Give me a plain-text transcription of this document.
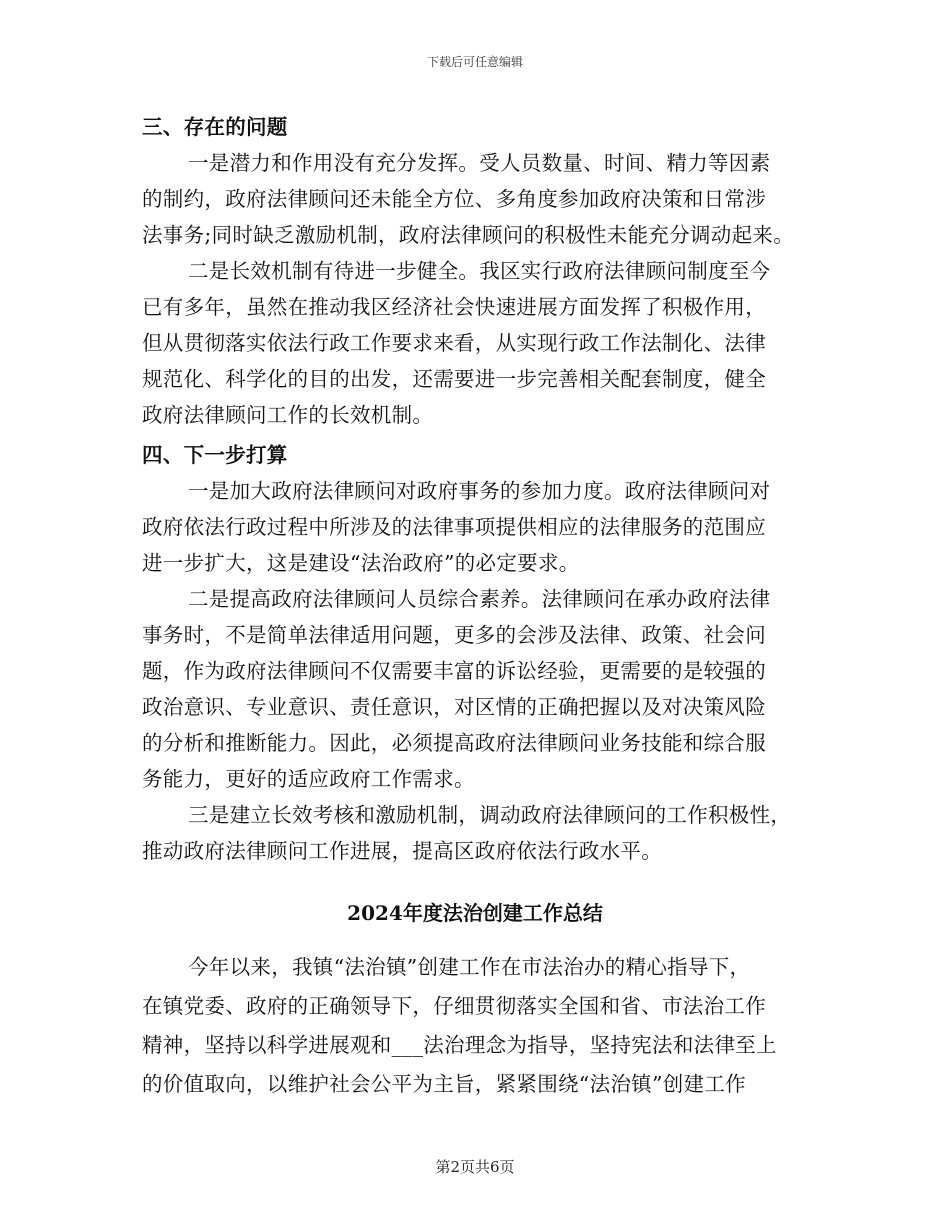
下载后可任意编辑
三、存在的问题
一是潜力和作用没有充分发挥。受人员数量、时间、精力等因素
的制约，政府法律顾问还未能全方位、多角度参加政府决策和日常涉
法事务;同时缺乏激励机制，政府法律顾问的积极性未能充分调动起来。
二是长效机制有待进一步健全。我区实行政府法律顾问制度至今
已有多年，虽然在推动我区经济社会快速进展方面发挥了积极作用，
但从贯彻落实依法行政工作要求来看，从实现行政工作法制化、法律
规范化、科学化的目的出发，还需要进一步完善相关配套制度，健全
政府法律顾问工作的长效机制。
四、下一步打算
一是加大政府法律顾问对政府事务的参加力度。政府法律顾问对
政府依法行政过程中所涉及的法律事项提供相应的法律服务的范围应
进一步扩大，这是建设“法治政府”的必定要求。
二是提高政府法律顾问人员综合素养。法律顾问在承办政府法律
事务时，不是简单法律适用问题，更多的会涉及法律、政策、社会问
题，作为政府法律顾问不仅需要丰富的诉讼经验，更需要的是较强的
政治意识、专业意识、责任意识，对区情的正确把握以及对决策风险
的分析和推断能力。因此，必须提高政府法律顾问业务技能和综合服
务能力，更好的适应政府工作需求。
三是建立长效考核和激励机制，调动政府法律顾问的工作积极性，
推动政府法律顾问工作进展，提高区政府依法行政水平。
2024年度法治创建工作总结
今年以来，我镇“法治镇”创建工作在市法治办的精心指导下，
在镇党委、政府的正确领导下，仔细贯彻落实全国和省、市法治工作
精神，坚持以科学进展观和___法治理念为指导，坚持宪法和法律至上
的价值取向，以维护社会公平为主旨，紧紧围绕“法治镇”创建工作
第2页共6页
